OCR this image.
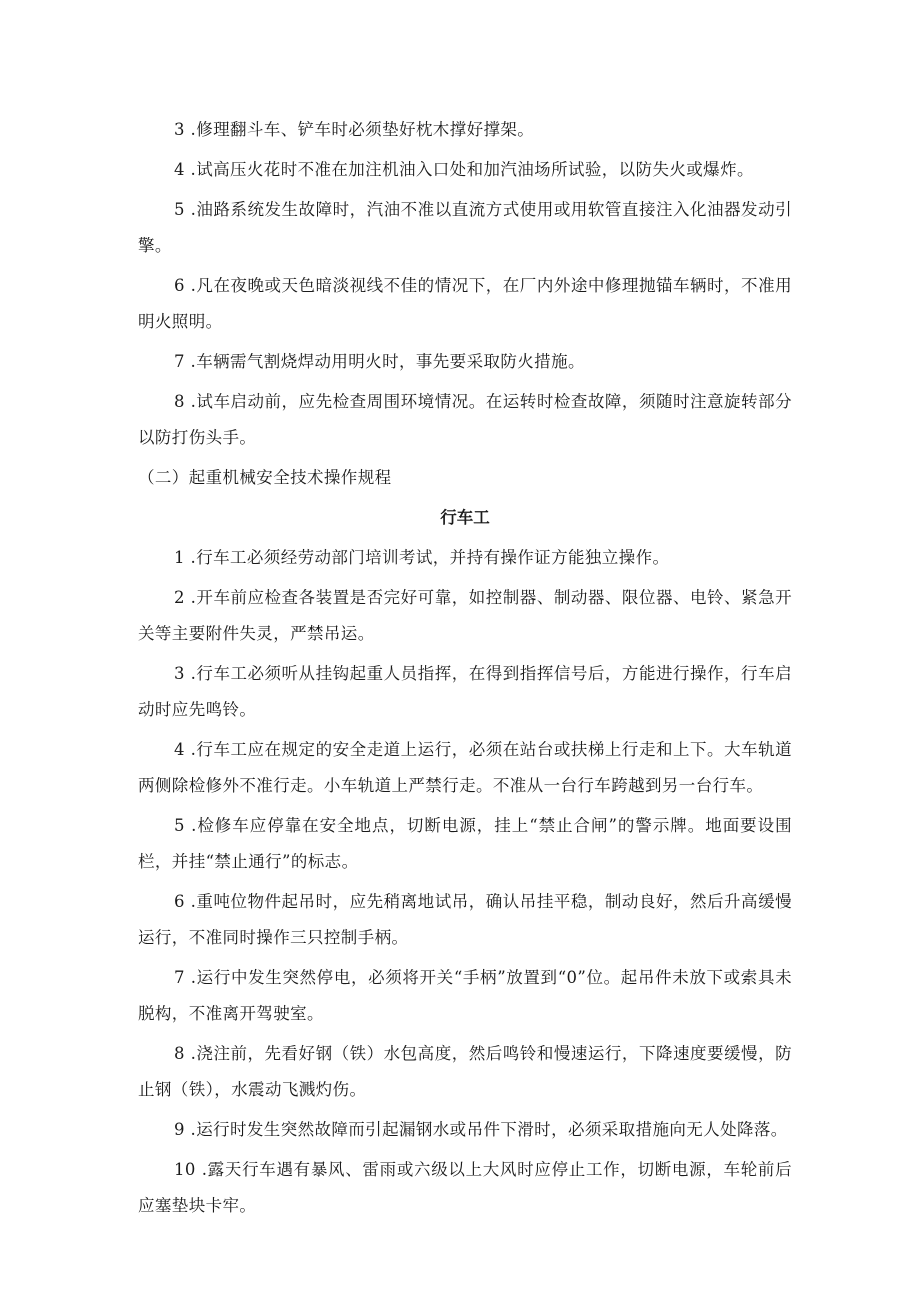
3 .修理翻斗车、铲车时必须垫好枕木撑好撑架。

4 .试高压火花时不准在加注机油入口处和加汽油场所试验，以防失火或爆炸。

5 .油路系统发生故障时，汽油不准以直流方式使用或用软管直接注入化油器发动引擎。

6 .凡在夜晚或天色暗淡视线不佳的情况下，在厂内外途中修理抛锚车辆时，不准用明火照明。

7 .车辆需气割烧焊动用明火时，事先要采取防火措施。

8 .试车启动前，应先检查周围环境情况。在运转时检查故障，须随时注意旋转部分以防打伤头手。

（二）起重机械安全技术操作规程

行车工

1 .行车工必须经劳动部门培训考试，并持有操作证方能独立操作。

2 .开车前应检查各装置是否完好可靠，如控制器、制动器、限位器、电铃、紧急开关等主要附件失灵，严禁吊运。

3 .行车工必须听从挂钩起重人员指挥，在得到指挥信号后，方能进行操作，行车启动时应先鸣铃。

4 .行车工应在规定的安全走道上运行，必须在站台或扶梯上行走和上下。大车轨道两侧除检修外不准行走。小车轨道上严禁行走。不准从一台行车跨越到另一台行车。

5 .检修车应停靠在安全地点，切断电源，挂上“禁止合闸”的警示牌。地面要设围栏，并挂“禁止通行”的标志。

6 .重吨位物件起吊时，应先稍离地试吊，确认吊挂平稳，制动良好，然后升高缓慢运行，不准同时操作三只控制手柄。

7 .运行中发生突然停电，必须将开关“手柄”放置到“0”位。起吊件未放下或索具未脱构，不准离开驾驶室。

8 .浇注前，先看好钢（铁）水包高度，然后鸣铃和慢速运行，下降速度要缓慢，防止钢（铁），水震动飞溅灼伤。

9 .运行时发生突然故障而引起漏钢水或吊件下滑时，必须采取措施向无人处降落。

10 .露天行车遇有暴风、雷雨或六级以上大风时应停止工作，切断电源，车轮前后应塞垫块卡牢。
